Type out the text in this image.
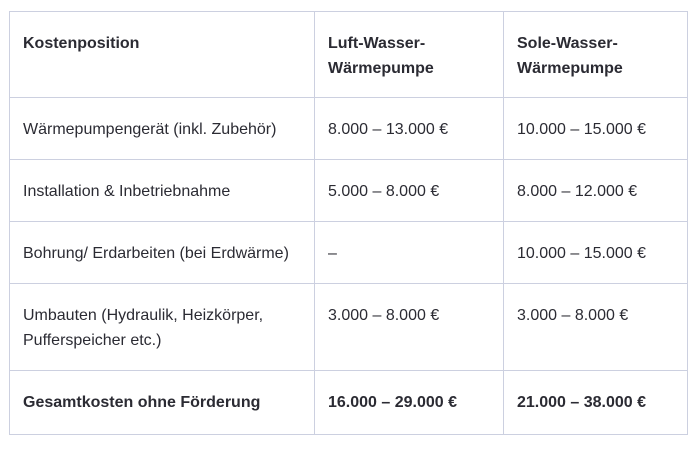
Kostenposition	Luft-Wasser-Wärmepumpe	Sole-Wasser-Wärmepumpe
Wärmepumpengerät (inkl. Zubehör)	8.000 – 13.000 €	10.000 – 15.000 €
Installation & Inbetriebnahme	5.000 – 8.000 €	8.000 – 12.000 €
Bohrung/ Erdarbeiten (bei Erdwärme)	–	10.000 – 15.000 €
Umbauten (Hydraulik, Heizkörper, Pufferspeicher etc.)	3.000 – 8.000 €	3.000 – 8.000 €
Gesamtkosten ohne Förderung	16.000 – 29.000 €	21.000 – 38.000 €
